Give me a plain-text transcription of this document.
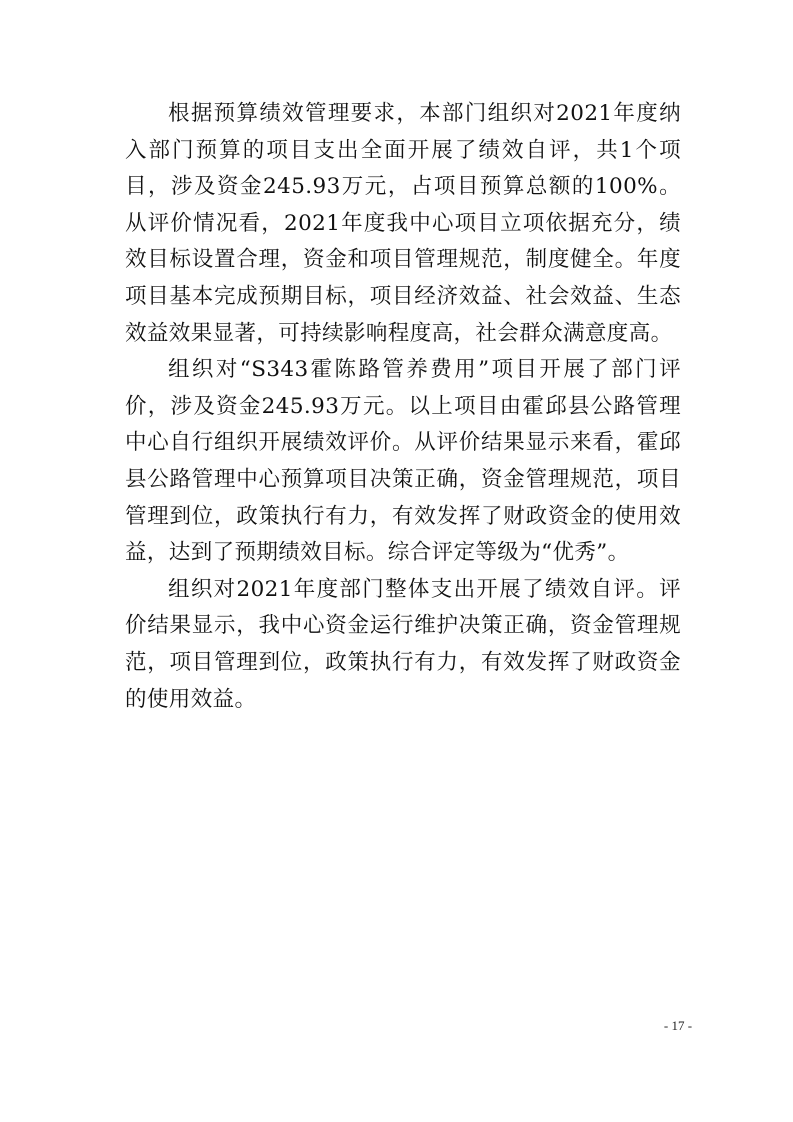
根据预算绩效管理要求，本部门组织对2021年度纳入部门预算的项目支出全面开展了绩效自评，共1个项目，涉及资金245.93万元，占项目预算总额的100%。从评价情况看，2021年度我中心项目立项依据充分，绩效目标设置合理，资金和项目管理规范，制度健全。年度项目基本完成预期目标，项目经济效益、社会效益、生态效益效果显著，可持续影响程度高，社会群众满意度高。

组织对“S343霍陈路管养费用”项目开展了部门评价，涉及资金245.93万元。以上项目由霍邱县公路管理中心自行组织开展绩效评价。从评价结果显示来看，霍邱县公路管理中心预算项目决策正确，资金管理规范，项目管理到位，政策执行有力，有效发挥了财政资金的使用效益，达到了预期绩效目标。综合评定等级为“优秀”。

组织对2021年度部门整体支出开展了绩效自评。评价结果显示，我中心资金运行维护决策正确，资金管理规范，项目管理到位，政策执行有力，有效发挥了财政资金的使用效益。

- 17 -
